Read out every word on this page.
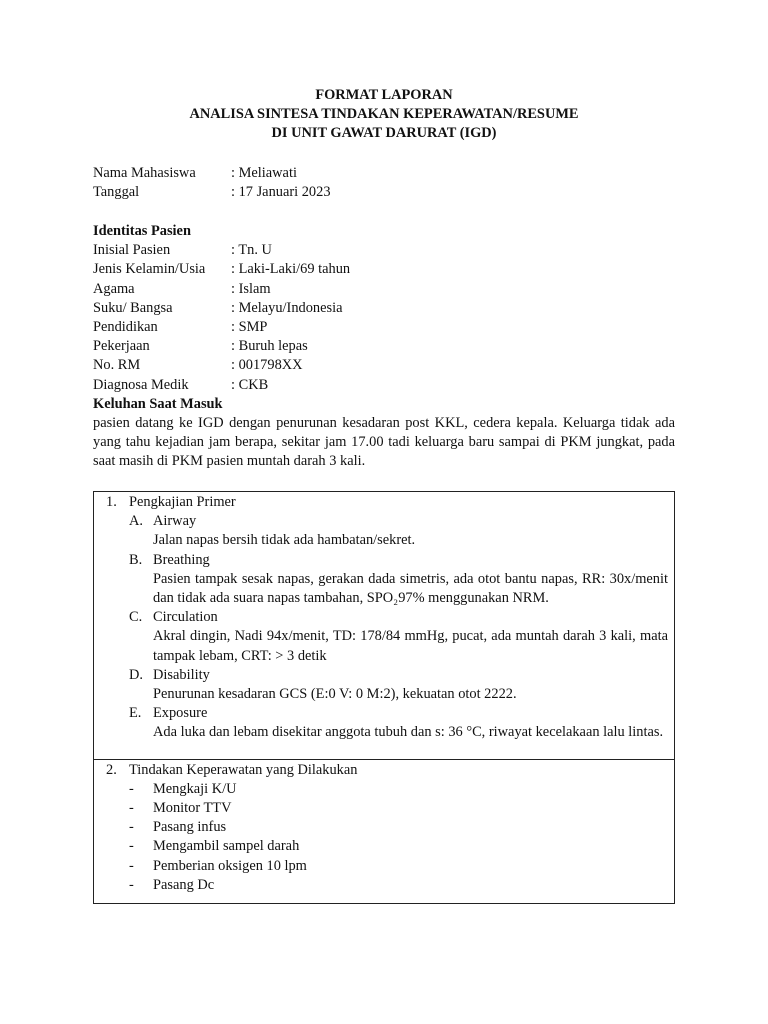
FORMAT LAPORAN
ANALISA SINTESA TINDAKAN KEPERAWATAN/RESUME
DI UNIT GAWAT DARURAT (IGD)
Nama Mahasiswa	: Meliawati
Tanggal	: 17 Januari 2023
Identitas Pasien
Inisial Pasien	: Tn. U
Jenis Kelamin/Usia	: Laki-Laki/69 tahun
Agama	: Islam
Suku/ Bangsa	: Melayu/Indonesia
Pendidikan	: SMP
Pekerjaan	: Buruh lepas
No. RM	: 001798XX
Diagnosa Medik	: CKB
Keluhan Saat Masuk
pasien datang ke IGD dengan penurunan kesadaran post KKL, cedera kepala. Keluarga tidak ada yang tahu kejadian jam berapa, sekitar jam 17.00 tadi keluarga baru sampai di PKM jungkat, pada saat masih di PKM pasien muntah darah 3 kali.
1. Pengkajian Primer
A. Airway
Jalan napas bersih tidak ada hambatan/sekret.
B. Breathing
Pasien tampak sesak napas, gerakan dada simetris, ada otot bantu napas, RR: 30x/menit dan tidak ada suara napas tambahan, SPO₂97% menggunakan NRM.
C. Circulation
Akral dingin, Nadi 94x/menit, TD: 178/84 mmHg, pucat, ada muntah darah 3 kali, mata tampak lebam, CRT: > 3 detik
D. Disability
Penurunan kesadaran GCS (E:0 V: 0 M:2), kekuatan otot 2222.
E. Exposure
Ada luka dan lebam disekitar anggota tubuh dan s: 36 °C, riwayat kecelakaan lalu lintas.
2. Tindakan Keperawatan yang Dilakukan
-	Mengkaji K/U
-	Monitor TTV
-	Pasang infus
-	Mengambil sampel darah
-	Pemberian oksigen 10 lpm
-	Pasang Dc
